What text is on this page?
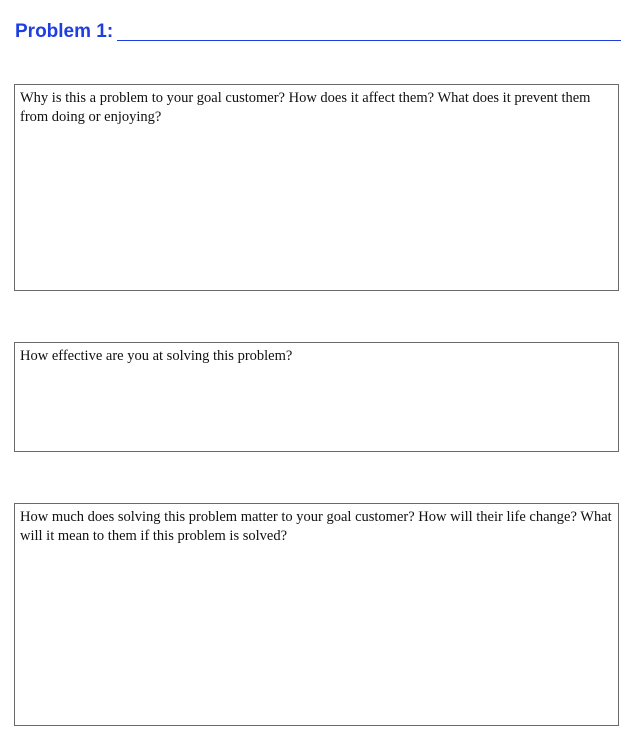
Problem 1:
Why is this a problem to your goal customer? How does it affect them? What does it prevent them from doing or enjoying?
How effective are you at solving this problem?
How much does solving this problem matter to your goal customer? How will their life change? What will it mean to them if this problem is solved?
